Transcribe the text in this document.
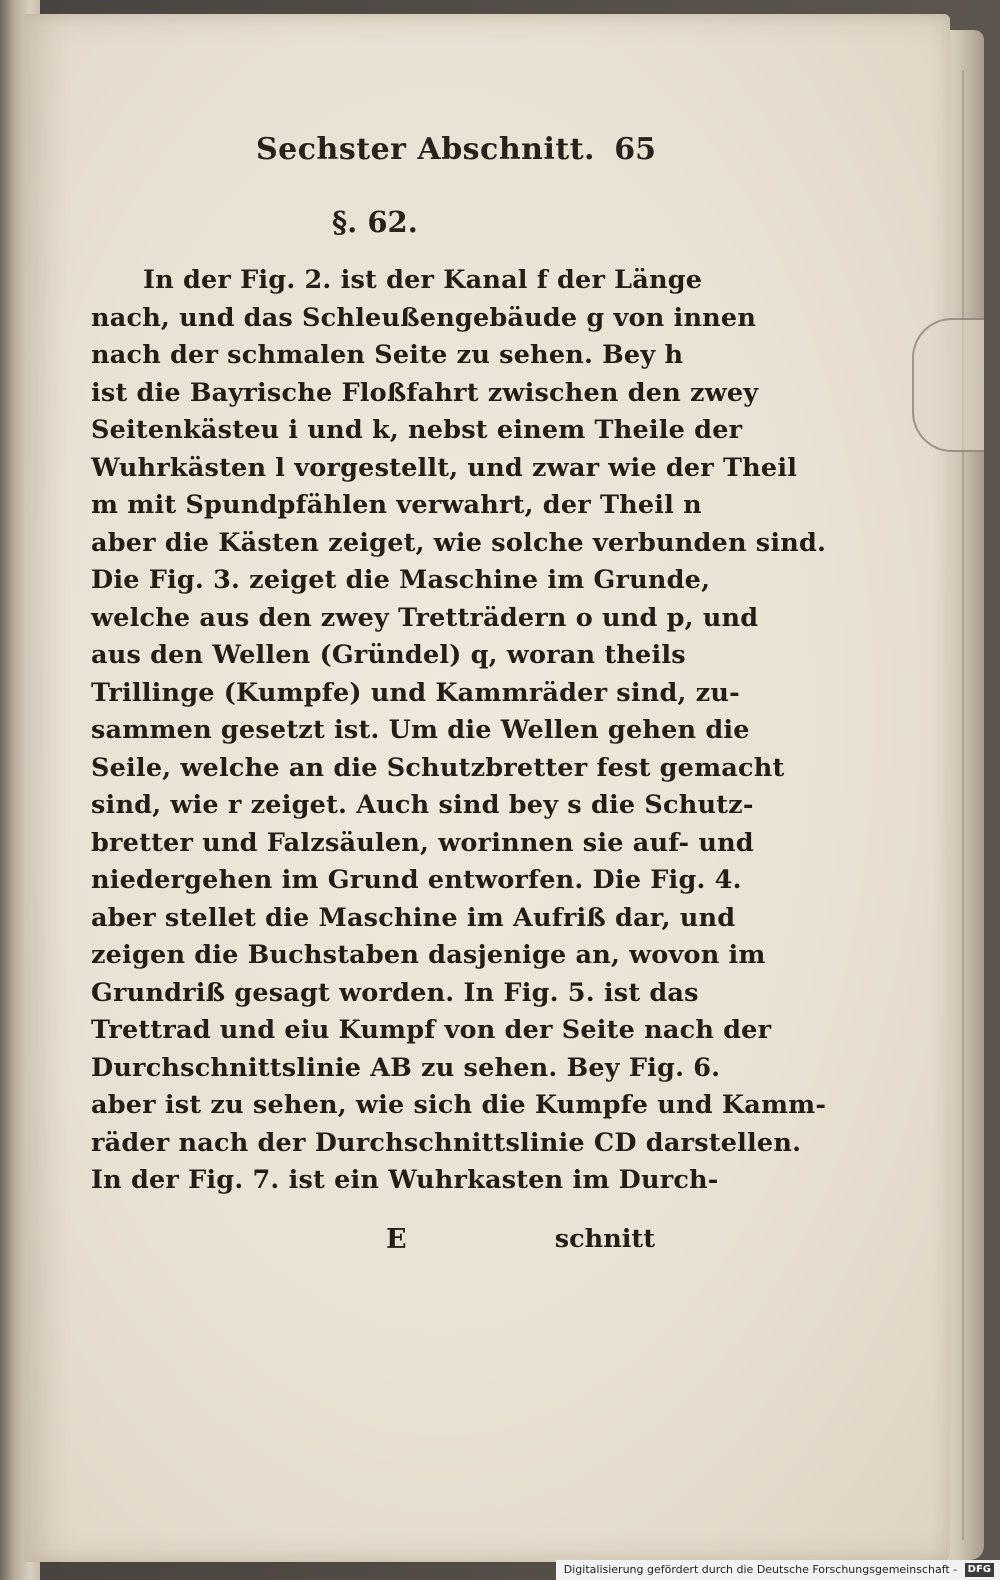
Sechster Abschnitt. 65
§. 62.
In der Fig. 2. ist der Kanal f der Länge
nach, und das Schleußengebäude g von innen
nach der schmalen Seite zu sehen. Bey h
ist die Bayrische Floßfahrt zwischen den zwey
Seitenkästeu i und k, nebst einem Theile der
Wuhrkästen l vorgestellt, und zwar wie der Theil
m mit Spundpfählen verwahrt, der Theil n
aber die Kästen zeiget, wie solche verbunden sind.
Die Fig. 3. zeiget die Maschine im Grunde,
welche aus den zwey Tretträdern o und p, und
aus den Wellen (Gründel) q, woran theils
Trillinge (Kumpfe) und Kammräder sind, zu-
sammen gesetzt ist. Um die Wellen gehen die
Seile, welche an die Schutzbretter fest gemacht
sind, wie r zeiget. Auch sind bey s die Schutz-
bretter und Falzsäulen, worinnen sie auf- und
niedergehen im Grund entworfen. Die Fig. 4.
aber stellet die Maschine im Aufriß dar, und
zeigen die Buchstaben dasjenige an, wovon im
Grundriß gesagt worden. In Fig. 5. ist das
Trettrad und eiu Kumpf von der Seite nach der
Durchschnittslinie AB zu sehen. Bey Fig. 6.
aber ist zu sehen, wie sich die Kumpfe und Kamm-
räder nach der Durchschnittslinie CD darstellen.
In der Fig. 7. ist ein Wuhrkasten im Durch-
E	schnitt
Digitalisierung gefördert durch die Deutsche Forschungsgemeinschaft - DFG
